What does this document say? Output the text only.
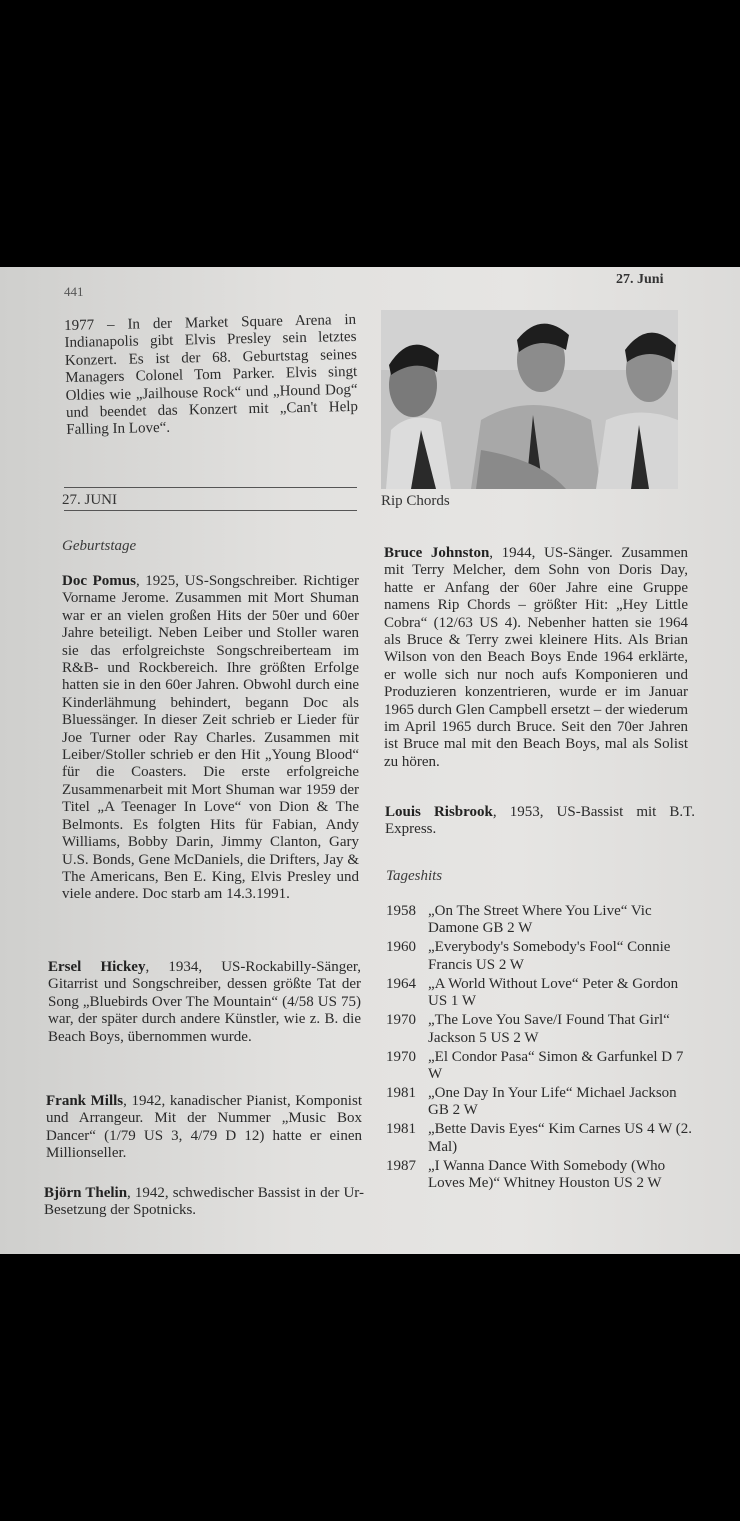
441
27. Juni

1977 – In der Market Square Arena in Indianapolis gibt Elvis Presley sein letztes Konzert. Es ist der 68. Geburtstag seines Managers Colonel Tom Parker. Elvis singt Oldies wie „Jailhouse Rock“ und „Hound Dog“ und beendet das Konzert mit „Can't Help Falling In Love“.

Rip Chords
27. JUNI
Geburtstage

Doc Pomus, 1925, US-Songschreiber. Richtiger Vorname Jerome. Zusammen mit Mort Shuman war er an vielen großen Hits der 50er und 60er Jahre beteiligt. Neben Leiber und Stoller waren sie das erfolgreichste Songschreiberteam im R&B- und Rockbereich. Ihre größten Erfolge hatten sie in den 60er Jahren. Obwohl durch eine Kinderlähmung behindert, begann Doc als Bluessänger. In dieser Zeit schrieb er Lieder für Joe Turner oder Ray Charles. Zusammen mit Leiber/Stoller schrieb er den Hit „Young Blood“ für die Coasters. Die erste erfolgreiche Zusammenarbeit mit Mort Shuman war 1959 der Titel „A Teenager In Love“ von Dion & The Belmonts. Es folgten Hits für Fabian, Andy Williams, Bobby Darin, Jimmy Clanton, Gary U.S. Bonds, Gene McDaniels, die Drifters, Jay & The Americans, Ben E. King, Elvis Presley und viele andere. Doc starb am 14.3.1991.

Ersel Hickey, 1934, US-Rockabilly-Sänger, Gitarrist und Songschreiber, dessen größte Tat der Song „Bluebirds Over The Mountain“ (4/58 US 75) war, der später durch andere Künstler, wie z. B. die Beach Boys, übernommen wurde.

Frank Mills, 1942, kanadischer Pianist, Komponist und Arrangeur. Mit der Nummer „Music Box Dancer“ (1/79 US 3, 4/79 D 12) hatte er einen Millionseller.

Björn Thelin, 1942, schwedischer Bassist in der Ur-Besetzung der Spotnicks.

Bruce Johnston, 1944, US-Sänger. Zusammen mit Terry Melcher, dem Sohn von Doris Day, hatte er Anfang der 60er Jahre eine Gruppe namens Rip Chords – größter Hit: „Hey Little Cobra“ (12/63 US 4). Nebenher hatten sie 1964 als Bruce & Terry zwei kleinere Hits. Als Brian Wilson von den Beach Boys Ende 1964 erklärte, er wolle sich nur noch aufs Komponieren und Produzieren konzentrieren, wurde er im Januar 1965 durch Glen Campbell ersetzt – der wiederum im April 1965 durch Bruce. Seit den 70er Jahren ist Bruce mal mit den Beach Boys, mal als Solist zu hören.

Louis Risbrook, 1953, US-Bassist mit B.T. Express.

Tageshits
1958 „On The Street Where You Live“ Vic Damone GB 2 W
1960 „Everybody's Somebody's Fool“ Connie Francis US 2 W
1964 „A World Without Love“ Peter & Gordon US 1 W
1970 „The Love You Save/I Found That Girl“ Jackson 5 US 2 W
1970 „El Condor Pasa“ Simon & Garfunkel D 7 W
1981 „One Day In Your Life“ Michael Jackson GB 2 W
1981 „Bette Davis Eyes“ Kim Carnes US 4 W (2. Mal)
1987 „I Wanna Dance With Somebody (Who Loves Me)“ Whitney Houston US 2 W
